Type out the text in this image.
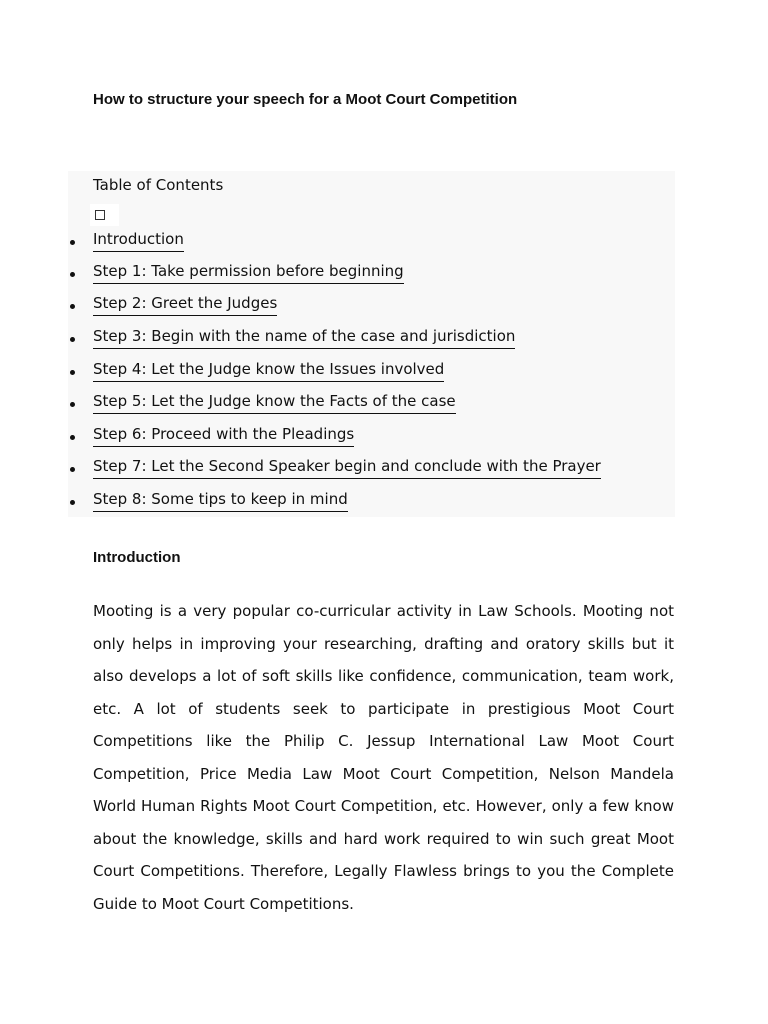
How to structure your speech for a Moot Court Competition
Table of Contents
Introduction
Step 1: Take permission before beginning
Step 2: Greet the Judges
Step 3: Begin with the name of the case and jurisdiction
Step 4: Let the Judge know the Issues involved
Step 5: Let the Judge know the Facts of the case
Step 6: Proceed with the Pleadings
Step 7: Let the Second Speaker begin and conclude with the Prayer
Step 8: Some tips to keep in mind
Introduction

Mooting is a very popular co-curricular activity in Law Schools. Mooting not only helps in improving your researching, drafting and oratory skills but it also develops a lot of soft skills like confidence, communication, team work, etc. A lot of students seek to participate in prestigious Moot Court Competitions like the Philip C. Jessup International Law Moot Court Competition, Price Media Law Moot Court Competition, Nelson Mandela World Human Rights Moot Court Competition, etc. However, only a few know about the knowledge, skills and hard work required to win such great Moot Court Competitions. Therefore, Legally Flawless brings to you the Complete Guide to Moot Court Competitions.
